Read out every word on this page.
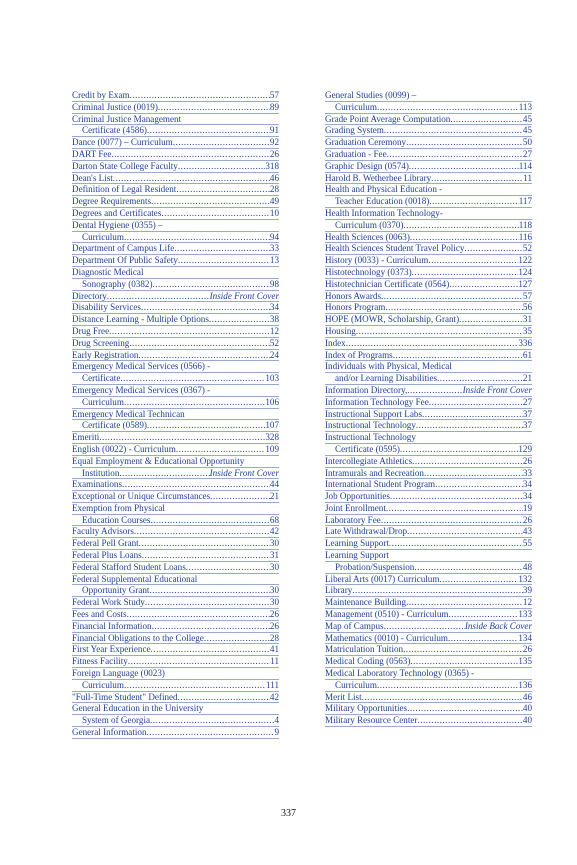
Credit by Exam .....	57
Criminal Justice (0019) .....	89
Criminal Justice Management
Certificate (4586) .....	91
Dance (0077) – Curriculum .....	92
DART Fee .....	26
Darton State College Faculty .....	318
Dean's List .....	46
Definition of Legal Resident .....	28
Degree Requirements .....	49
Degrees and Certificates .....	10
Dental Hygiene (0355) –
Curriculum .....	94
Department of Campus Life .....	33
Department Of Public Safety .....	13
Diagnostic Medical
Sonography (0382) .....	98
Directory .....	Inside Front Cover
Disability Services .....	34
Distance Learning - Multiple Options .....	38
Drug Free .....	12
Drug Screening .....	52
Early Registration .....	24
Emergency Medical Services (0566) -
Certificate .....	103
Emergency Medical Services (0367) -
Curriculum .....	106
Emergency Medical Technican
Certificate (0589) .....	107
Emeriti .....	328
English (0022) - Curriculum .....	109
Equal Employment & Educational Opportunity
Institution .....	Inside Front Cover
Examinations .....	44
Exceptional or Unique Circumstances .....	21
Exemption from Physical
Education Courses .....	68
Faculty Advisors .....	42
Federal Pell Grant .....	30
Federal Plus Loans .....	31
Federal Stafford Student Loans .....	30
Federal Supplemental Educational
Opportunity Grant .....	30
Federal Work Study .....	30
Fees and Costs .....	26
Financial Information .....	26
Financial Obligations to the College .....	28
First Year Experience .....	41
Fitness Facility .....	11
Foreign Language (0023)
Curriculum .....	111
"Full-Time Student" Defined .....	42
General Education in the University
System of Georgia .....	4
General Information .....	9
General Studies (0099) –
Curriculum .....	113
Grade Point Average Computation .....	45
Grading System .....	45
Graduation Ceremony .....	50
Graduation - Fee .....	27
Graphic Design (0574) .....	114
Harold B. Wetherbee Library .....	11
Health and Physical Education -
Teacher Education (0018) .....	117
Health Information Technology-
Curriculum (0370) .....	118
Health Sciences (0063) .....	116
Health Sciences Student Travel Policy .....	52
History (0033) - Curriculum .....	122
Histotechnology (0373) .....	124
Histotechnician Certificate (0564) .....	127
Honors Awards .....	57
Honors Program .....	56
HOPE (MOWR, Scholarship, Grant) .....	31
Housing .....	35
Index .....	336
Index of Programs .....	61
Individuals with Physical, Medical
and/or Learning Disabilities .....	21
Information Directory, .....	Inside Front Cover
Information Technology Fee .....	27
Instructional Support Labs .....	37
Instructional Technology .....	37
Instructional Technology
Certificate (0595) .....	129
Intercollegiate Athletics .....	26
Intramurals and Recreation .....	33
International Student Program .....	34
Job Opportunities .....	34
Joint Enrollment .....	19
Laboratory Fee .....	26
Late Withdrawal/Drop .....	43
Learning Support .....	55
Learning Support
Probation/Suspension .....	48
Liberal Arts (0017) Curriculum .....	132
Library .....	39
Maintenance Building .....	12
Management (0510) - Curriculum .....	133
Map of Campus .....	Inside Back Cover
Mathematics (0010) - Curriculum .....	134
Matriculation Tuition .....	26
Medical Coding (0563) .....	135
Medical Laboratory Technology (0365) -
Curriculum .....	136
Merit List .....	46
Military Opportunities .....	40
Military Resource Center .....	40
337
